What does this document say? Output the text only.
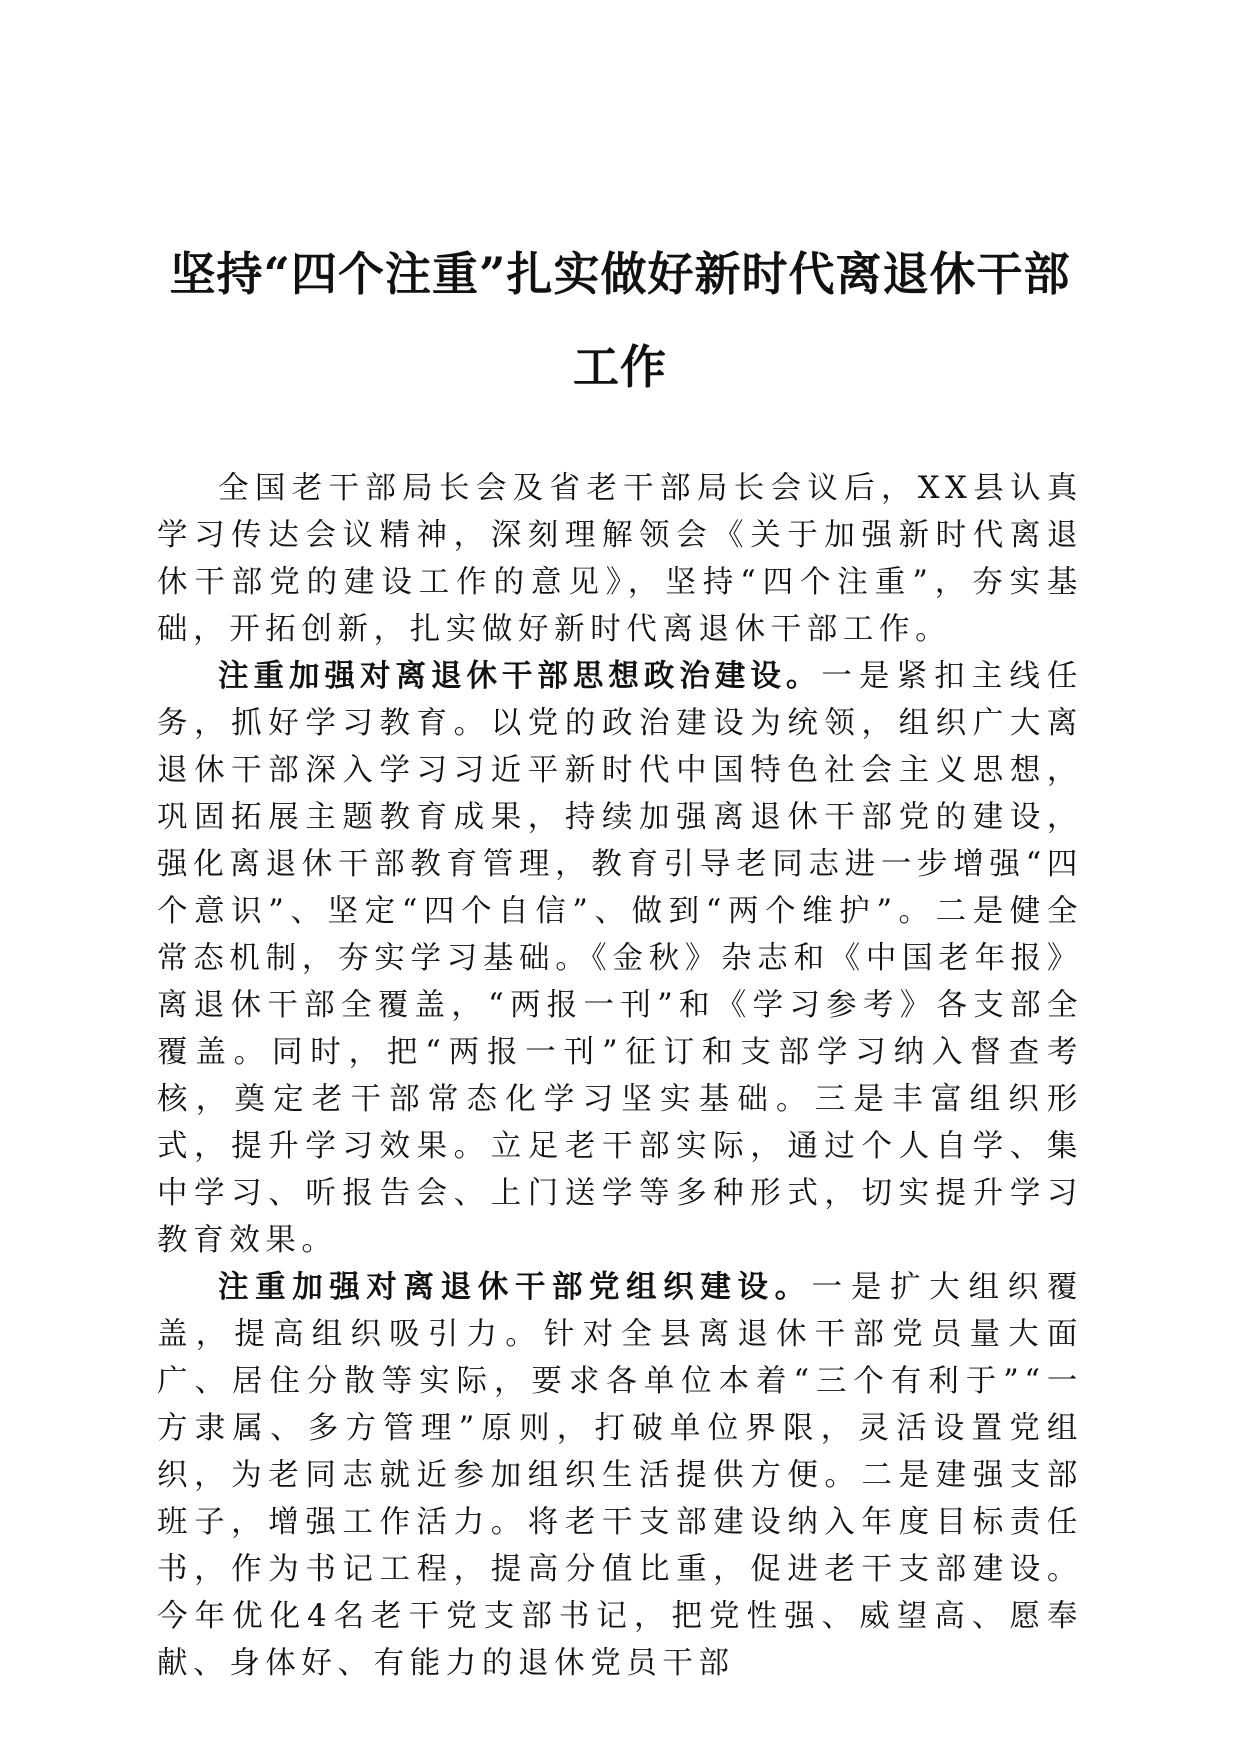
坚持“四个注重”扎实做好新时代离退休干部工作

全国老干部局长会及省老干部局长会议后，XX县认真学习传达会议精神，深刻理解领会《关于加强新时代离退休干部党的建设工作的意见》，坚持“四个注重”，夯实基础，开拓创新，扎实做好新时代离退休干部工作。

注重加强对离退休干部思想政治建设。一是紧扣主线任务，抓好学习教育。以党的政治建设为统领，组织广大离退休干部深入学习习近平新时代中国特色社会主义思想，巩固拓展主题教育成果，持续加强离退休干部党的建设，强化离退休干部教育管理，教育引导老同志进一步增强“四个意识”、坚定“四个自信”、做到“两个维护”。二是健全常态机制，夯实学习基础。《金秋》杂志和《中国老年报》离退休干部全覆盖，“两报一刊”和《学习参考》各支部全覆盖。同时，把“两报一刊”征订和支部学习纳入督查考核，奠定老干部常态化学习坚实基础。三是丰富组织形式，提升学习效果。立足老干部实际，通过个人自学、集中学习、听报告会、上门送学等多种形式，切实提升学习教育效果。

注重加强对离退休干部党组织建设。一是扩大组织覆盖，提高组织吸引力。针对全县离退休干部党员量大面广、居住分散等实际，要求各单位本着“三个有利于”“一方隶属、多方管理”原则，打破单位界限，灵活设置党组织，为老同志就近参加组织生活提供方便。二是建强支部班子，增强工作活力。将老干支部建设纳入年度目标责任书，作为书记工程，提高分值比重，促进老干支部建设。今年优化4名老干党支部书记，把党性强、威望高、愿奉献、身体好、有能力的退休党员干部
